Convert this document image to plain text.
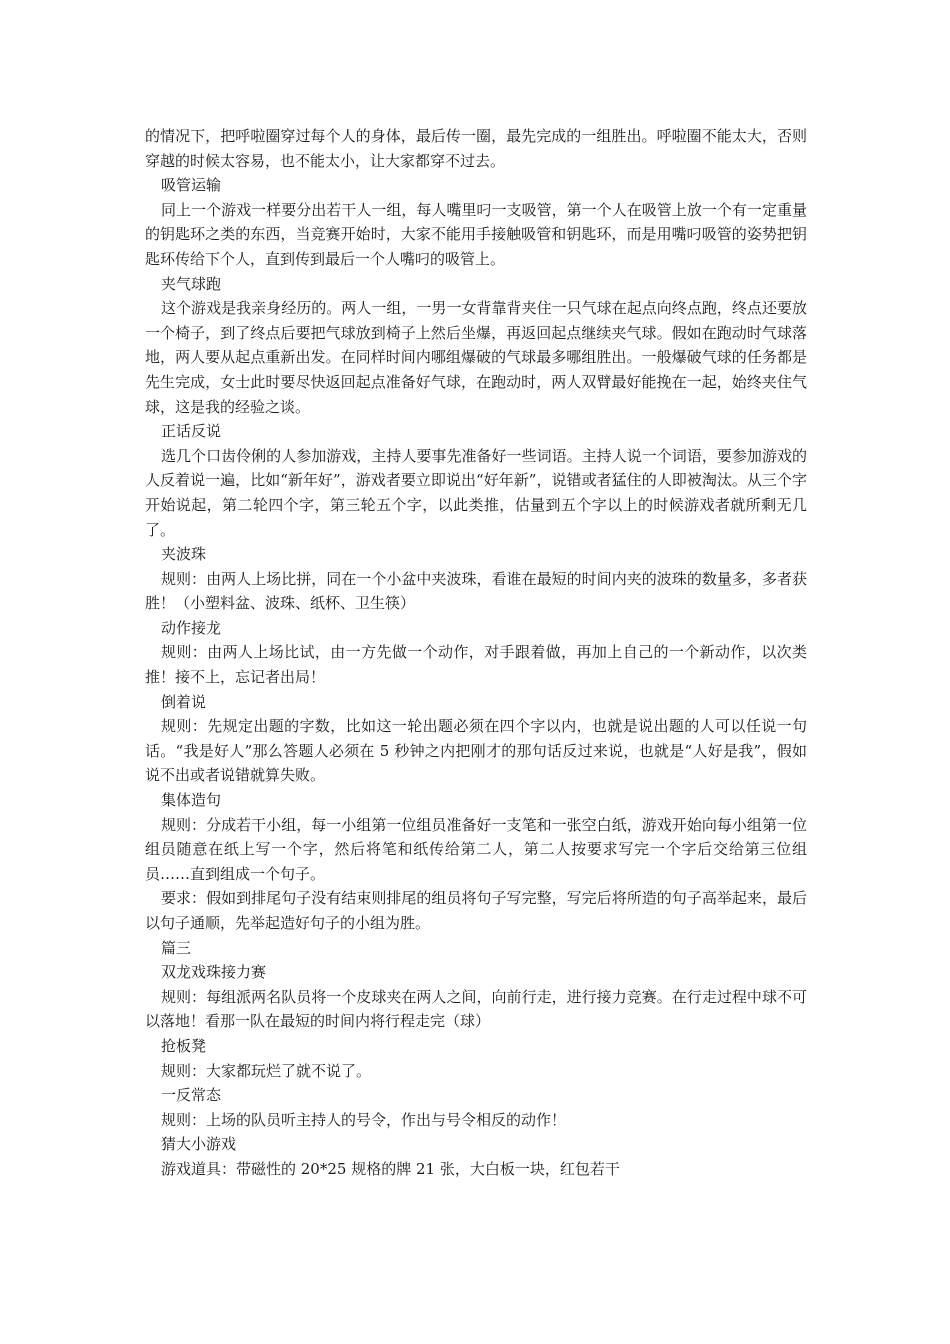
的情况下，把呼啦圈穿过每个人的身体，最后传一圈，最先完成的一组胜出。呼啦圈不能太大，否则穿越的时候太容易，也不能太小，让大家都穿不过去。

吸管运输

同上一个游戏一样要分出若干人一组，每人嘴里叼一支吸管，第一个人在吸管上放一个有一定重量的钥匙环之类的东西，当竞赛开始时，大家不能用手接触吸管和钥匙环，而是用嘴叼吸管的姿势把钥匙环传给下个人，直到传到最后一个人嘴叼的吸管上。

夹气球跑

这个游戏是我亲身经历的。两人一组，一男一女背靠背夹住一只气球在起点向终点跑，终点还要放一个椅子，到了终点后要把气球放到椅子上然后坐爆，再返回起点继续夹气球。假如在跑动时气球落地，两人要从起点重新出发。在同样时间内哪组爆破的气球最多哪组胜出。一般爆破气球的任务都是先生完成，女士此时要尽快返回起点准备好气球，在跑动时，两人双臂最好能挽在一起，始终夹住气球，这是我的经验之谈。

正话反说

选几个口齿伶俐的人参加游戏，主持人要事先准备好一些词语。主持人说一个词语，要参加游戏的人反着说一遍，比如“新年好”，游戏者要立即说出“好年新”，说错或者猛住的人即被淘汰。从三个字开始说起，第二轮四个字，第三轮五个字，以此类推，估量到五个字以上的时候游戏者就所剩无几了。

夹波珠

规则：由两人上场比拼，同在一个小盆中夹波珠，看谁在最短的时间内夹的波珠的数量多，多者获胜！（小塑料盆、波珠、纸杯、卫生筷）

动作接龙

规则：由两人上场比试，由一方先做一个动作，对手跟着做，再加上自己的一个新动作，以次类推！接不上，忘记者出局！

倒着说

规则：先规定出题的字数，比如这一轮出题必须在四个字以内，也就是说出题的人可以任说一句话。“我是好人”那么答题人必须在 5 秒钟之内把刚才的那句话反过来说，也就是“人好是我”，假如说不出或者说错就算失败。

集体造句

规则：分成若干小组，每一小组第一位组员准备好一支笔和一张空白纸，游戏开始向每小组第一位组员随意在纸上写一个字，然后将笔和纸传给第二人，第二人按要求写完一个字后交给第三位组员……直到组成一个句子。

要求：假如到排尾句子没有结束则排尾的组员将句子写完整，写完后将所造的句子高举起来，最后以句子通顺，先举起造好句子的小组为胜。

篇三

双龙戏珠接力赛

规则：每组派两名队员将一个皮球夹在两人之间，向前行走，进行接力竞赛。在行走过程中球不可以落地！看那一队在最短的时间内将行程走完（球）

抢板凳

规则：大家都玩烂了就不说了。

一反常态

规则：上场的队员听主持人的号令，作出与号令相反的动作！

猜大小游戏

游戏道具：带磁性的 20*25 规格的牌 21 张，大白板一块，红包若干
